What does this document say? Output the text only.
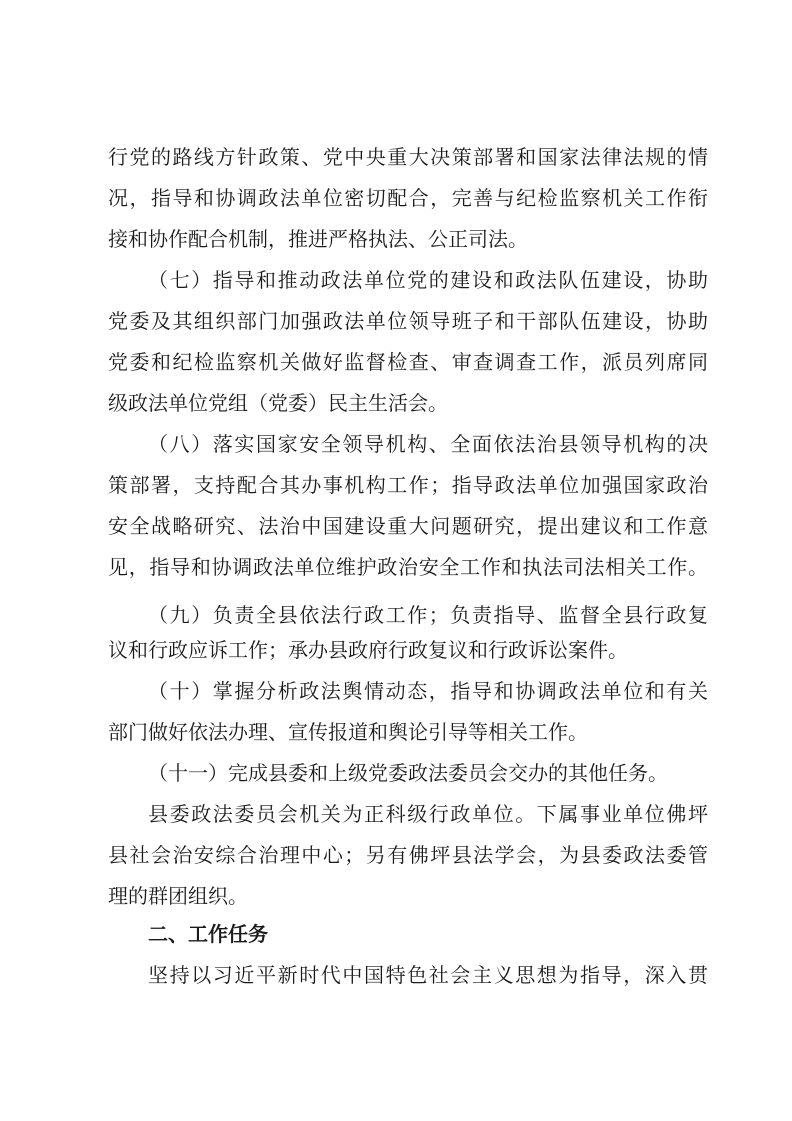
行党的路线方针政策、党中央重大决策部署和国家法律法规的情
况，指导和协调政法单位密切配合，完善与纪检监察机关工作衔
接和协作配合机制，推进严格执法、公正司法。
（七）指导和推动政法单位党的建设和政法队伍建设，协助
党委及其组织部门加强政法单位领导班子和干部队伍建设，协助
党委和纪检监察机关做好监督检查、审查调查工作，派员列席同
级政法单位党组（党委）民主生活会。
（八）落实国家安全领导机构、全面依法治县领导机构的决
策部署，支持配合其办事机构工作；指导政法单位加强国家政治
安全战略研究、法治中国建设重大问题研究，提出建议和工作意
见，指导和协调政法单位维护政治安全工作和执法司法相关工作。
（九）负责全县依法行政工作；负责指导、监督全县行政复
议和行政应诉工作；承办县政府行政复议和行政诉讼案件。
（十）掌握分析政法舆情动态，指导和协调政法单位和有关
部门做好依法办理、宣传报道和舆论引导等相关工作。
（十一）完成县委和上级党委政法委员会交办的其他任务。
县委政法委员会机关为正科级行政单位。下属事业单位佛坪
县社会治安综合治理中心；另有佛坪县法学会，为县委政法委管
理的群团组织。
二、工作任务
坚持以习近平新时代中国特色社会主义思想为指导，深入贯
